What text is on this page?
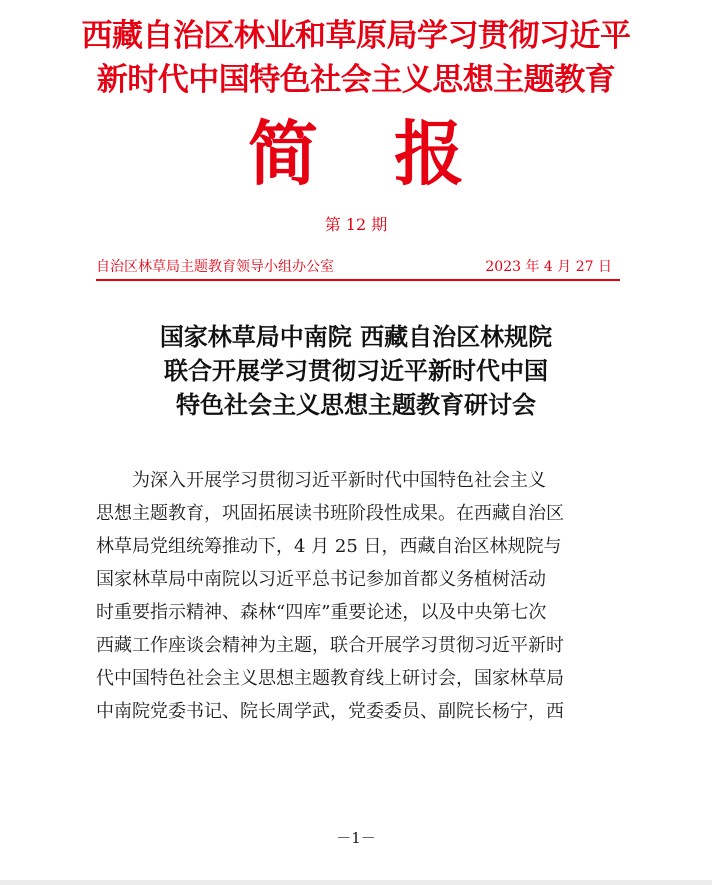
西藏自治区林业和草原局学习贯彻习近平
新时代中国特色社会主义思想主题教育
简报
第 12 期
自治区林草局主题教育领导小组办公室	2023 年 4 月 27 日
国家林草局中南院 西藏自治区林规院
联合开展学习贯彻习近平新时代中国
特色社会主义思想主题教育研讨会
为深入开展学习贯彻习近平新时代中国特色社会主义
思想主题教育，巩固拓展读书班阶段性成果。在西藏自治区
林草局党组统筹推动下，4 月 25 日，西藏自治区林规院与
国家林草局中南院以习近平总书记参加首都义务植树活动
时重要指示精神、森林“四库”重要论述，以及中央第七次
西藏工作座谈会精神为主题，联合开展学习贯彻习近平新时
代中国特色社会主义思想主题教育线上研讨会，国家林草局
中南院党委书记、院长周学武，党委委员、副院长杨宁，西
－1－
